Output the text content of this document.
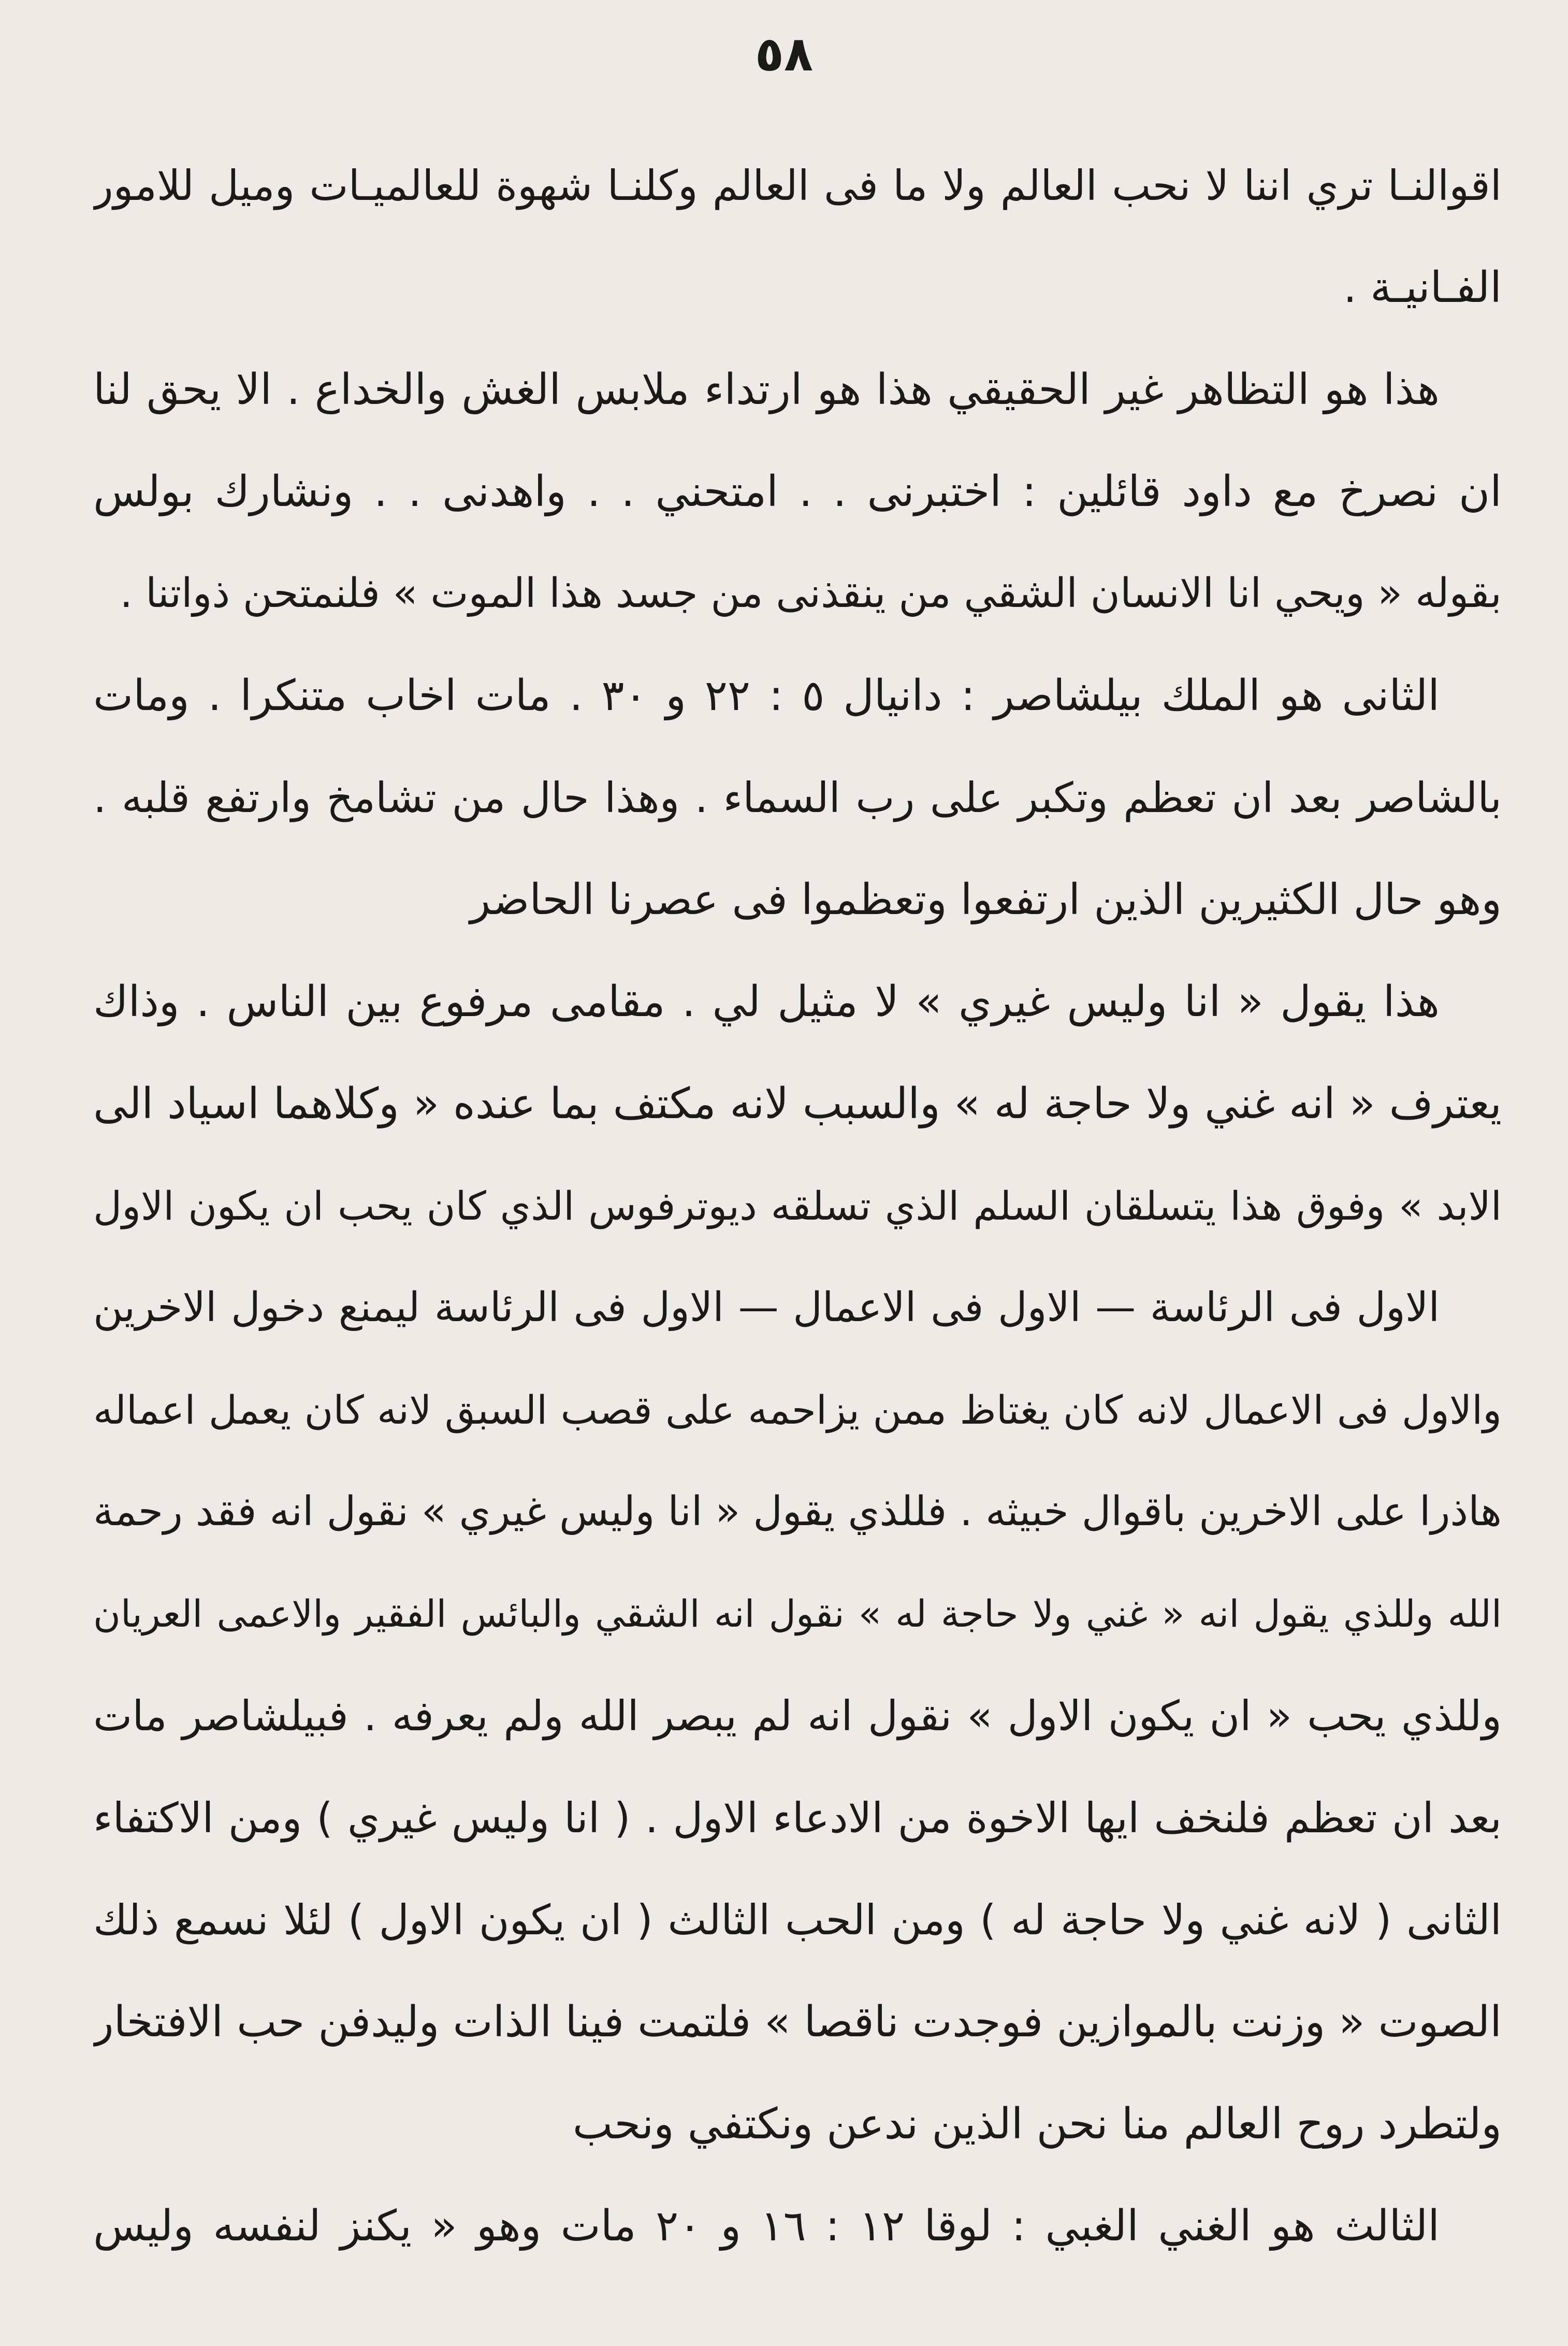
٥٨
اقوالنـا تري اننا لا نحب العالم ولا ما فى العالم وكلنـا شهوة للعالميـات وميل للامور
الفـانيـة .
هذا هو التظاهر غير الحقيقي هذا هو ارتداء ملابس الغش والخداع . الا يحق لنا
ان نصرخ مع داود قائلين : اختبرنى . . امتحني . . واهدنى . . ونشارك بولس
بقوله « ويحي انا الانسان الشقي من ينقذنى من جسد هذا الموت » فلنمتحن ذواتنا .
الثانى هو الملك بيلشاصر : دانيال ٥ : ٢٢ و ٣٠ . مات اخاب متنكرا . ومات
بالشاصر بعد ان تعظم وتكبر على رب السماء . وهذا حال من تشامخ وارتفع قلبه .
وهو حال الكثيرين الذين ارتفعوا وتعظموا فى عصرنا الحاضر
هذا يقول « انا وليس غيري » لا مثيل لي . مقامى مرفوع بين الناس . وذاك
يعترف « انه غني ولا حاجة له » والسبب لانه مكتف بما عنده « وكلاهما اسياد الى
الابد » وفوق هذا يتسلقان السلم الذي تسلقه ديوترفوس الذي كان يحب ان يكون الاول
الاول فى الرئاسة — الاول فى الاعمال — الاول فى الرئاسة ليمنع دخول الاخرين
والاول فى الاعمال لانه كان يغتاظ ممن يزاحمه على قصب السبق لانه كان يعمل اعماله
هاذرا على الاخرين باقوال خبيثه . فللذي يقول « انا وليس غيري » نقول انه فقد رحمة
الله وللذي يقول انه « غني ولا حاجة له » نقول انه الشقي والبائس الفقير والاعمى العريان
وللذي يحب « ان يكون الاول » نقول انه لم يبصر الله ولم يعرفه . فبيلشاصر مات
بعد ان تعظم فلنخف ايها الاخوة من الادعاء الاول . ( انا وليس غيري ) ومن الاكتفاء
الثانى ( لانه غني ولا حاجة له ) ومن الحب الثالث ( ان يكون الاول ) لئلا نسمع ذلك
الصوت « وزنت بالموازين فوجدت ناقصا » فلتمت فينا الذات وليدفن حب الافتخار
ولتطرد روح العالم منا نحن الذين ندعن ونكتفي ونحب
الثالث هو الغني الغبي : لوقا ١٢ : ١٦ و ٢٠ مات وهو « يكنز لنفسه وليس
